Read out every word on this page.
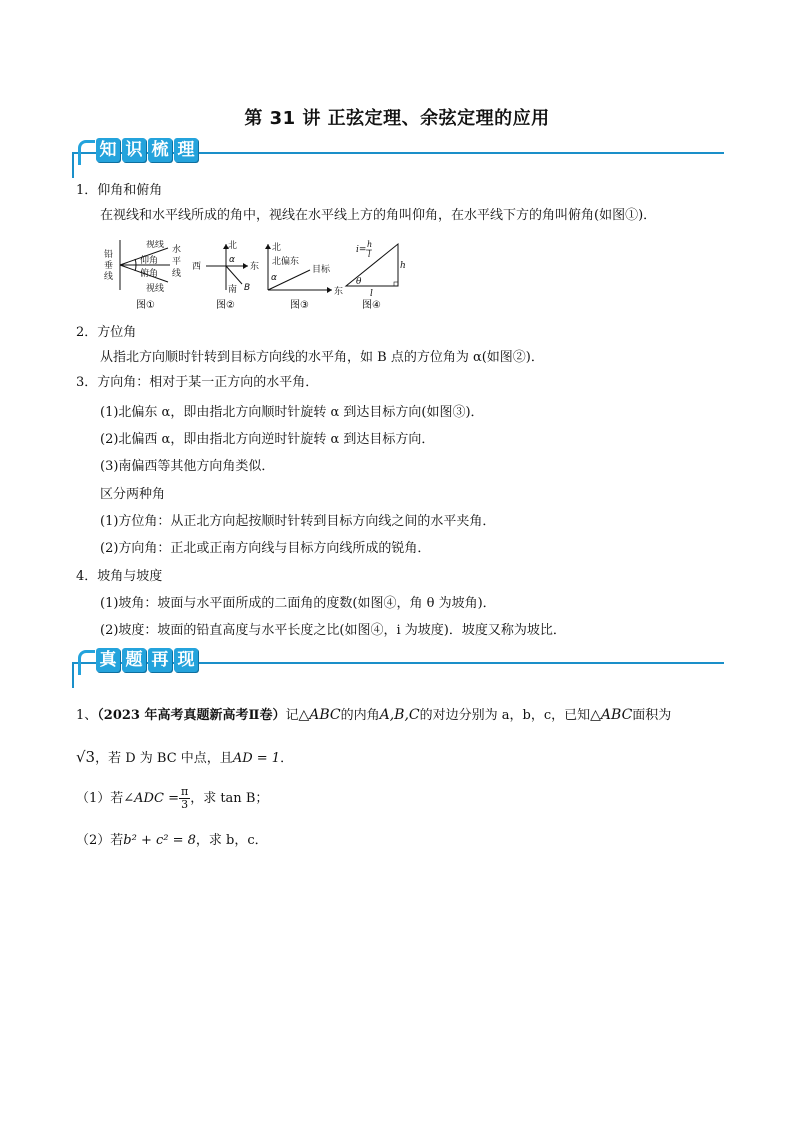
第 31 讲 正弦定理、余弦定理的应用
知 识 梳 理
1．仰角和俯角
在视线和水平线所成的角中，视线在水平线上方的角叫仰角，在水平线下方的角叫俯角(如图①)．
视线
仰角
俯角
视线
铅
垂
线
水
平
线
图①
北
西	东
南
α
B
图②
北
北偏东
目标
α
东
图③
i=
h
l
h
θ
l
图④
2．方位角
从指北方向顺时针转到目标方向线的水平角，如 B 点的方位角为 α(如图②)．
3．方向角：相对于某一正方向的水平角．
(1)北偏东 α，即由指北方向顺时针旋转 α 到达目标方向(如图③)．
(2)北偏西 α，即由指北方向逆时针旋转 α 到达目标方向．
(3)南偏西等其他方向角类似．
区分两种角
(1)方位角：从正北方向起按顺时针转到目标方向线之间的水平夹角．
(2)方向角：正北或正南方向线与目标方向线所成的锐角．
4．坡角与坡度
(1)坡角：坡面与水平面所成的二面角的度数(如图④，角 θ 为坡角)．
(2)坡度：坡面的铅直高度与水平长度之比(如图④，i 为坡度)．坡度又称为坡比．
真 题 再 现
1、（2023 年高考真题新高考Ⅱ卷）记△ABC的内角A,B,C的对边分别为 a，b，c，已知△ABC面积为
√3，若 D 为 BC 中点，且AD = 1．
（1）若∠ADC = $\frac{\pi}{3}$ ，求 tan B；
（2）若b² + c² = 8，求 b，c．
